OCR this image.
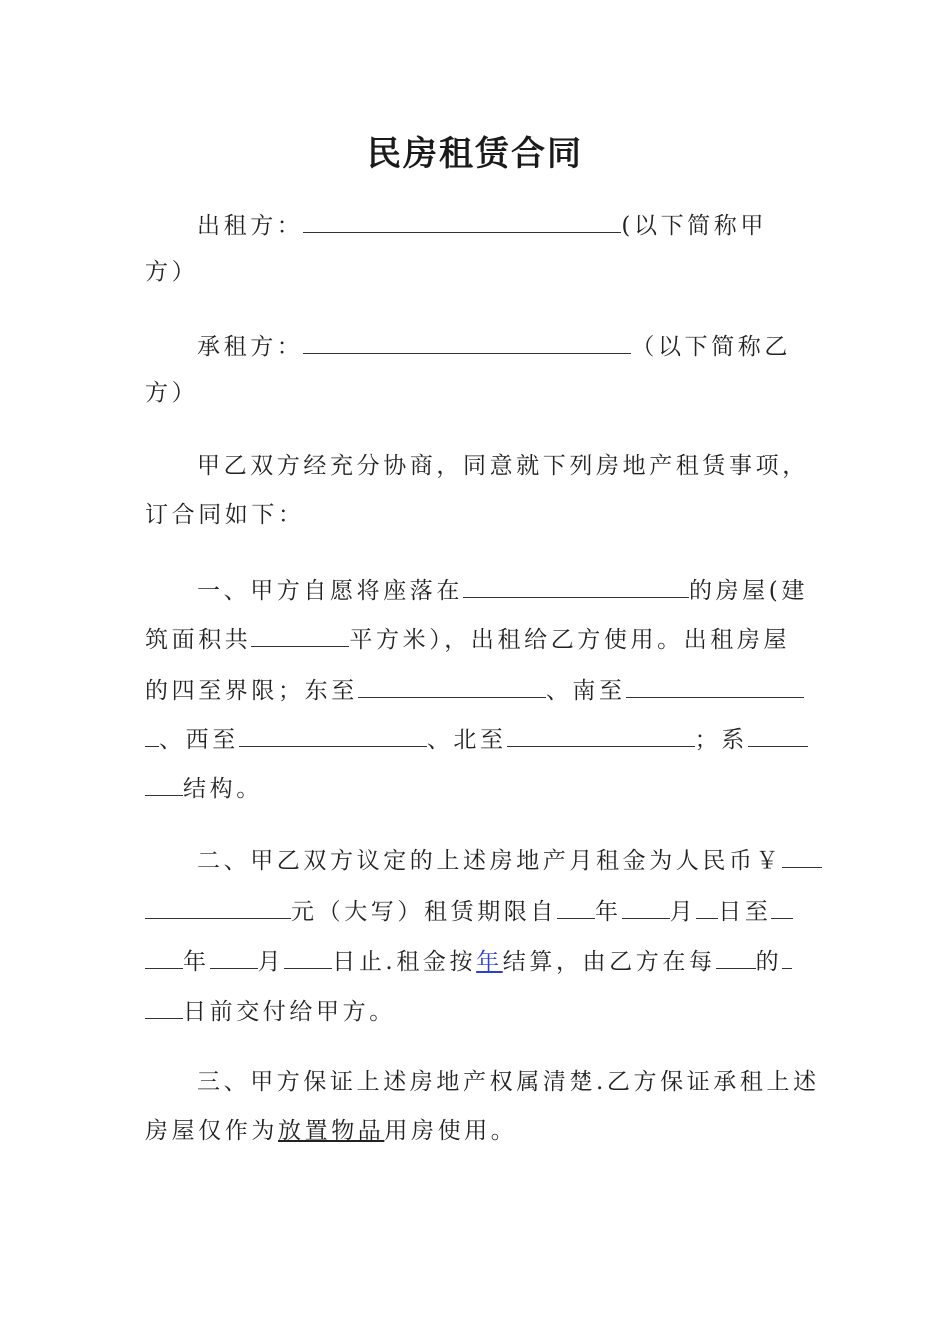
民房租赁合同
出租方：	(以下简称甲
方）
承租方：	（以下简称乙
方）
甲乙双方经充分协商，同意就下列房地产租赁事项，
订合同如下：
一、甲方自愿将座落在	的房屋(建
筑面积共	平方米），出租给乙方使用。出租房屋
的四至界限；东至	、南至
、西至	、北至	；系
结构。
二、甲乙双方议定的上述房地产月租金为人民币￥
元（大写）租赁期限自 年 月 日至
年 月 日止.租金按年结算，由乙方在每 的
日前交付给甲方。
三、甲方保证上述房地产权属清楚.乙方保证承租上述
房屋仅作为放置物品用房使用。
